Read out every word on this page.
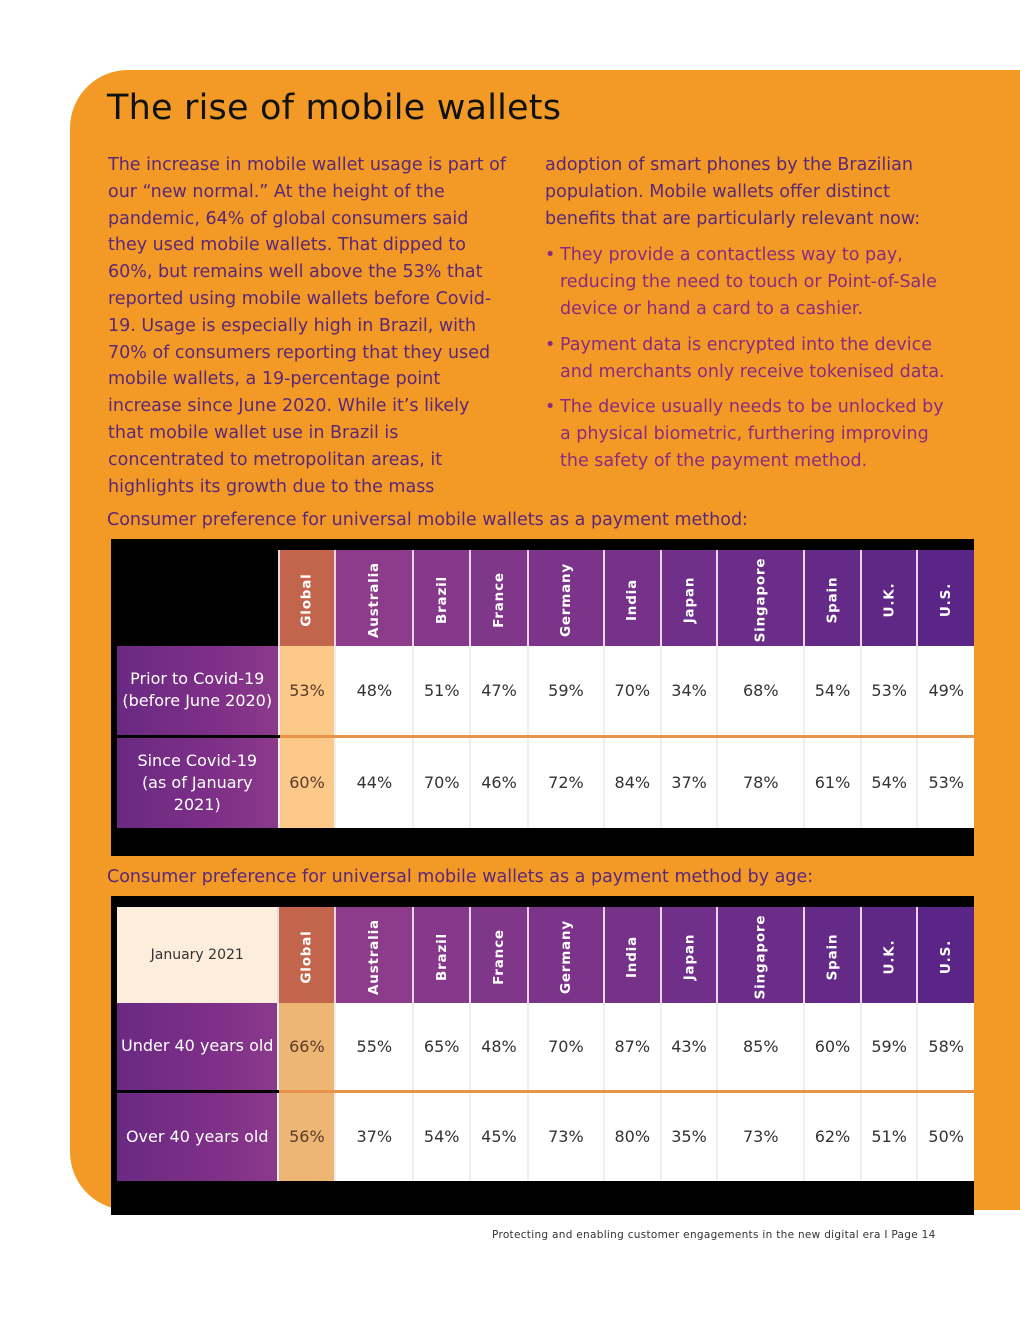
The rise of mobile wallets
The increase in mobile wallet usage is part of our “new normal.” At the height of the pandemic, 64% of global consumers said they used mobile wallets. That dipped to 60%, but remains well above the 53% that reported using mobile wallets before Covid-19. Usage is especially high in Brazil, with 70% of consumers reporting that they used mobile wallets, a 19-percentage point increase since June 2020. While it’s likely that mobile wallet use in Brazil is concentrated to metropolitan areas, it highlights its growth due to the mass

adoption of smart phones by the Brazilian population. Mobile wallets offer distinct benefits that are particularly relevant now:

• They provide a contactless way to pay, reducing the need to touch or Point-of-Sale device or hand a card to a cashier.
• Payment data is encrypted into the device and merchants only receive tokenised data.
• The device usually needs to be unlocked by a physical biometric, furthering improving the safety of the payment method.
Consumer preference for universal mobile wallets as a payment method:
	Global	Australia	Brazil	France	Germany	India	Japan	Singapore	Spain	U.K.	U.S.

Prior to Covid-19
(before June 2020)	53%	48%	51%	47%	59%	70%	34%	68%	54%	53%	49%

Since Covid-19
(as of January
2021)	60%	44%	70%	46%	72%	84%	37%	78%	61%	54%	53%
Consumer preference for universal mobile wallets as a payment method by age:
January 2021	Global	Australia	Brazil	France	Germany	India	Japan	Singapore	Spain	U.K.	U.S.

Under 40 years old	66%	55%	65%	48%	70%	87%	43%	85%	60%	59%	58%

Over 40 years old	56%	37%	54%	45%	73%	80%	35%	73%	62%	51%	50%
Protecting and enabling customer engagements in the new digital era I Page 14
